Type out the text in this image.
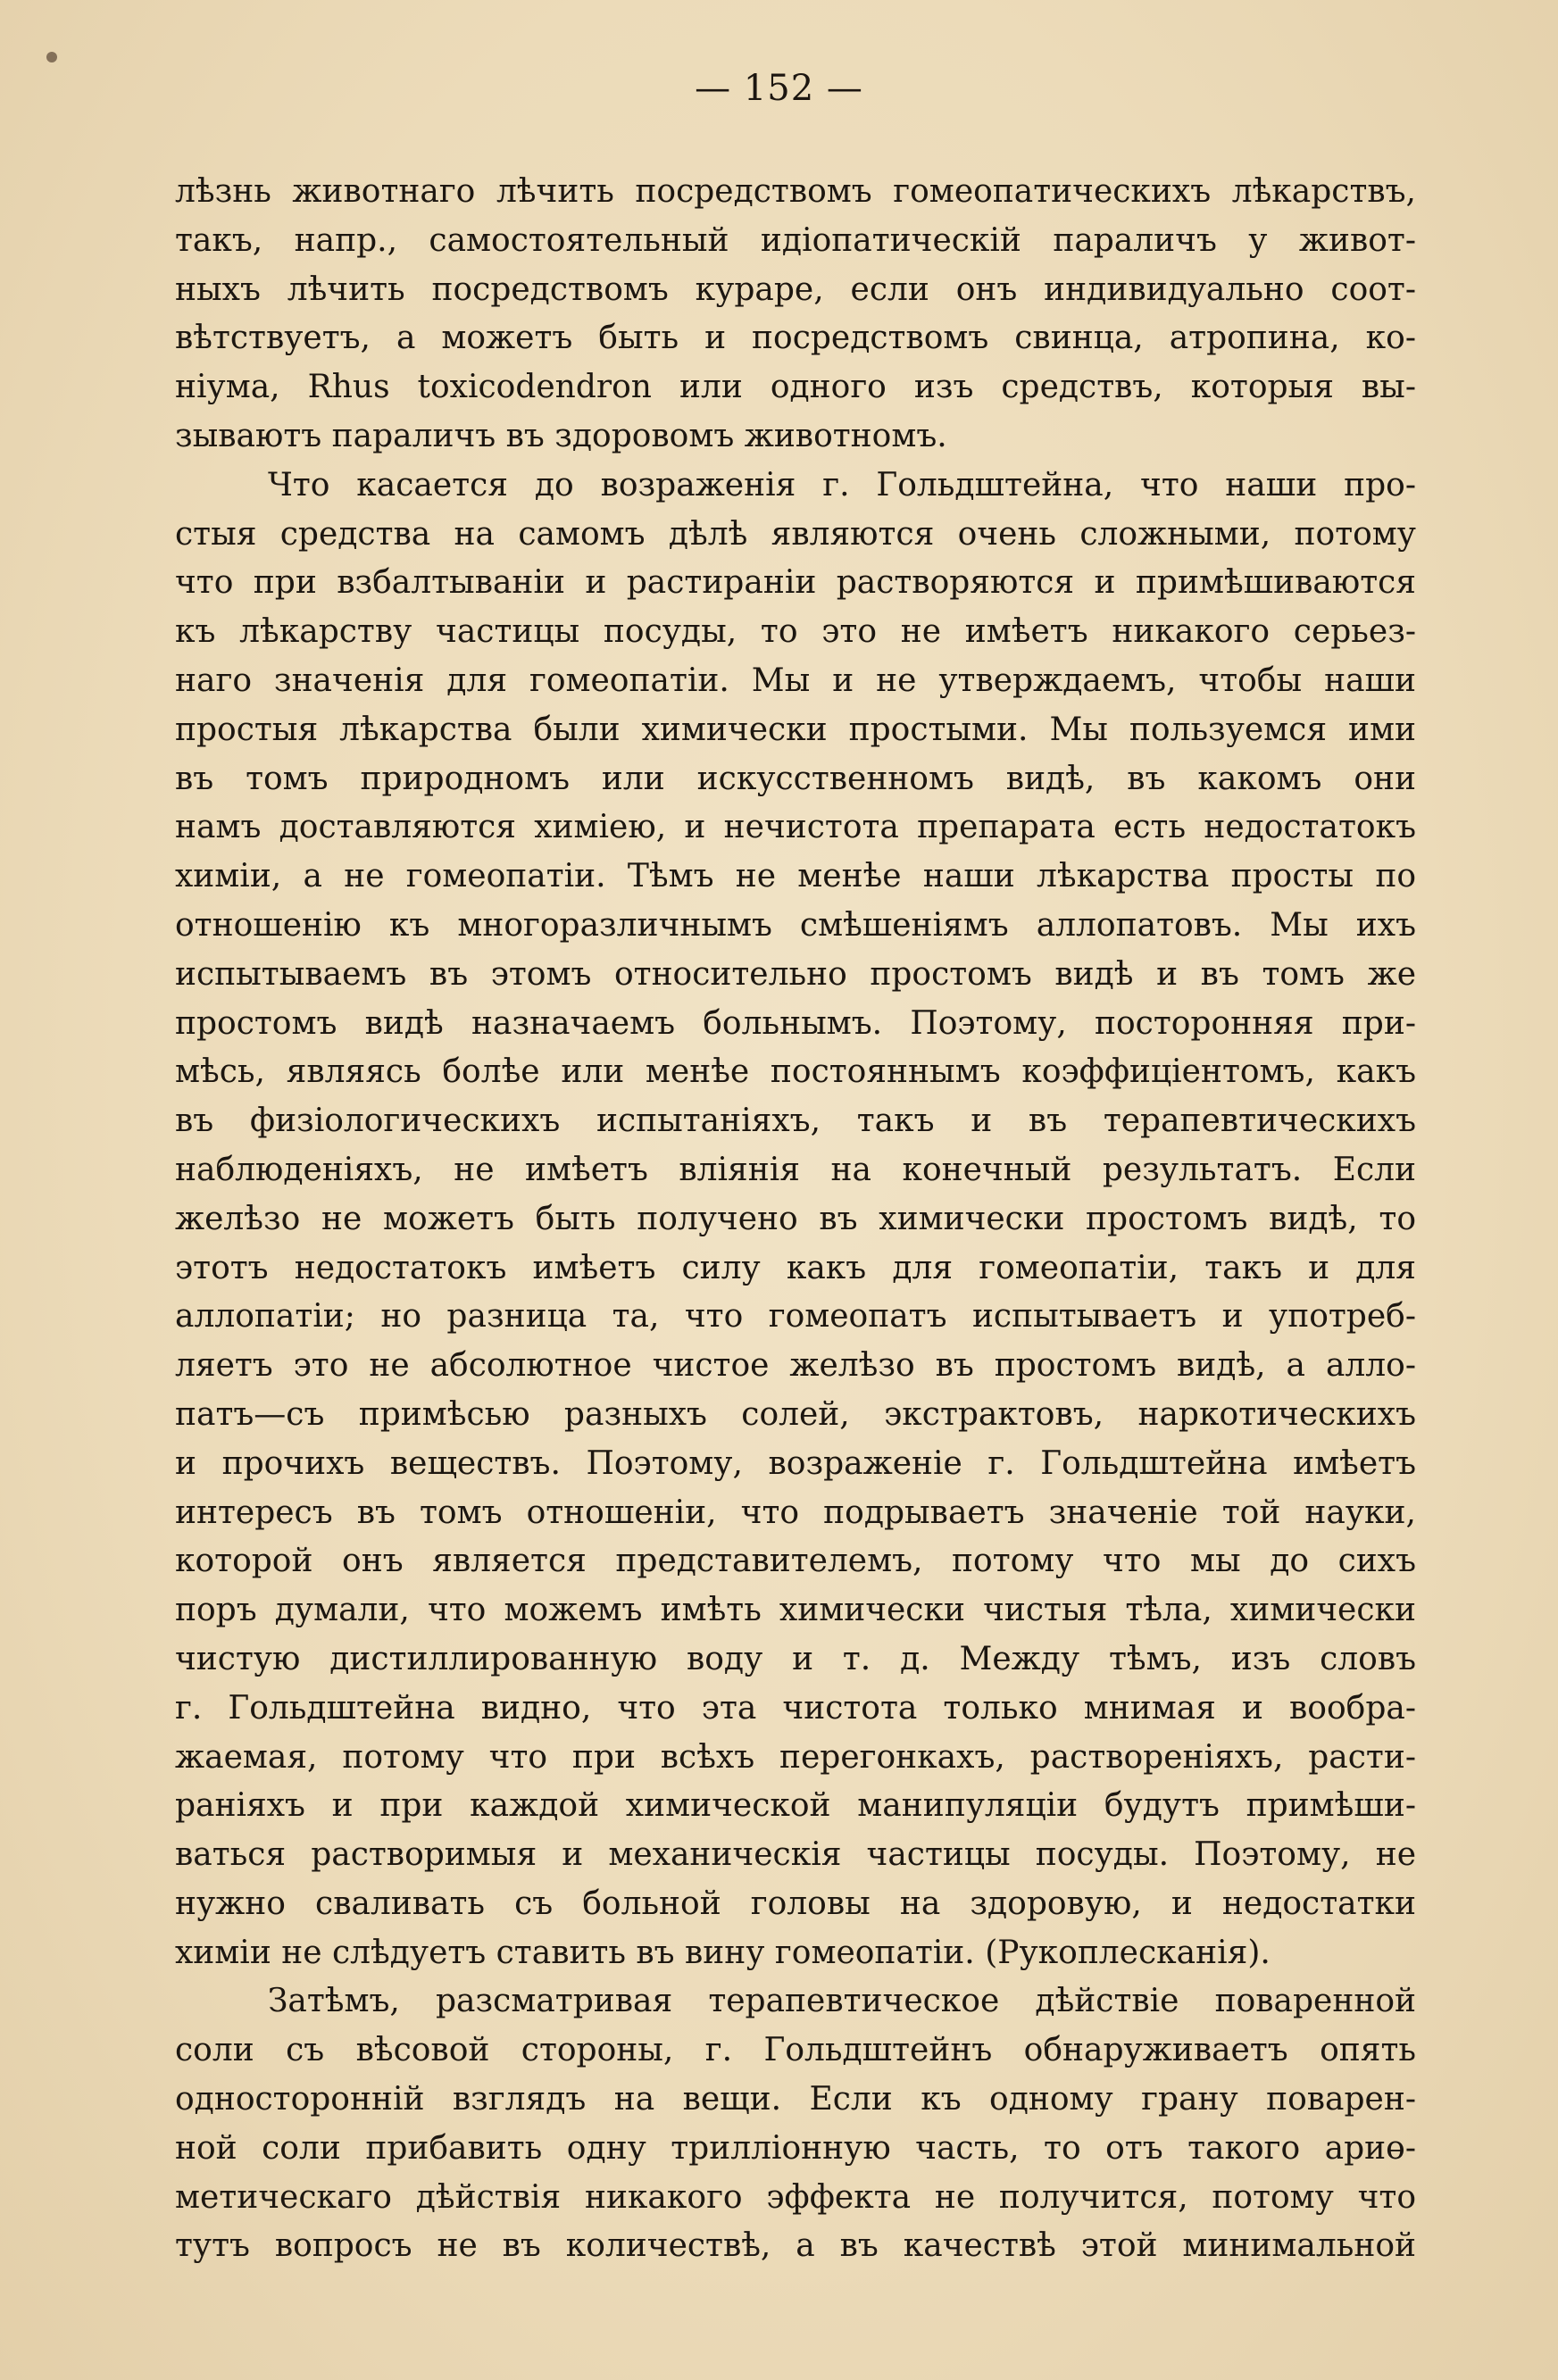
— 152 —
лѣзнь животнаго лѣчить посредствомъ гомеопатическихъ лѣкарствъ,
такъ, напр., самостоятельный идіопатическій параличъ у живот-
ныхъ лѣчить посредствомъ кураре, если онъ индивидуально соот-
вѣтствуетъ, а можетъ быть и посредствомъ свинца, атропина, ко-
ніума, Rhus toxicodendron или одного изъ средствъ, которыя вы-
зываютъ параличъ въ здоровомъ животномъ.
Что касается до возраженія г. Гольдштейна, что наши про-
стыя средства на самомъ дѣлѣ являются очень сложными, потому
что при взбалтываніи и растираніи растворяются и примѣшиваются
къ лѣкарству частицы посуды, то это не имѣетъ никакого серьез-
наго значенія для гомеопатіи. Мы и не утверждаемъ, чтобы наши
простыя лѣкарства были химически простыми. Мы пользуемся ими
въ томъ природномъ или искусственномъ видѣ, въ какомъ они
намъ доставляются химіею, и нечистота препарата есть недостатокъ
химіи, а не гомеопатіи. Тѣмъ не менѣе наши лѣкарства просты по
отношенію къ многоразличнымъ смѣшеніямъ аллопатовъ. Мы ихъ
испытываемъ въ этомъ относительно простомъ видѣ и въ томъ же
простомъ видѣ назначаемъ больнымъ. Поэтому, посторонняя при-
мѣсь, являясь болѣе или менѣе постояннымъ коэффиціентомъ, какъ
въ физіологическихъ испытаніяхъ, такъ и въ терапевтическихъ
наблюденіяхъ, не имѣетъ вліянія на конечный результатъ. Если
желѣзо не можетъ быть получено въ химически простомъ видѣ, то
этотъ недостатокъ имѣетъ силу какъ для гомеопатіи, такъ и для
аллопатіи; но разница та, что гомеопатъ испытываетъ и употреб-
ляетъ это не абсолютное чистое желѣзо въ простомъ видѣ, а алло-
патъ—съ примѣсью разныхъ солей, экстрактовъ, наркотическихъ
и прочихъ веществъ. Поэтому, возраженіе г. Гольдштейна имѣетъ
интересъ въ томъ отношеніи, что подрываетъ значеніе той науки,
которой онъ является представителемъ, потому что мы до сихъ
поръ думали, что можемъ имѣть химически чистыя тѣла, химически
чистую дистиллированную воду и т. д. Между тѣмъ, изъ словъ
г. Гольдштейна видно, что эта чистота только мнимая и вообра-
жаемая, потому что при всѣхъ перегонкахъ, раствореніяхъ, расти-
раніяхъ и при каждой химической манипуляціи будутъ примѣши-
ваться растворимыя и механическія частицы посуды. Поэтому, не
нужно сваливать съ больной головы на здоровую, и недостатки
химіи не слѣдуетъ ставить въ вину гомеопатіи. (Рукоплесканія).
Затѣмъ, разсматривая терапевтическое дѣйствіе поваренной
соли съ вѣсовой стороны, г. Гольдштейнъ обнаруживаетъ опять
односторонній взглядъ на вещи. Если къ одному грану поварен-
ной соли прибавить одну трилліонную часть, то отъ такого ариө-
метическаго дѣйствія никакого эффекта не получится, потому что
тутъ вопросъ не въ количествѣ, а въ качествѣ этой минимальной
